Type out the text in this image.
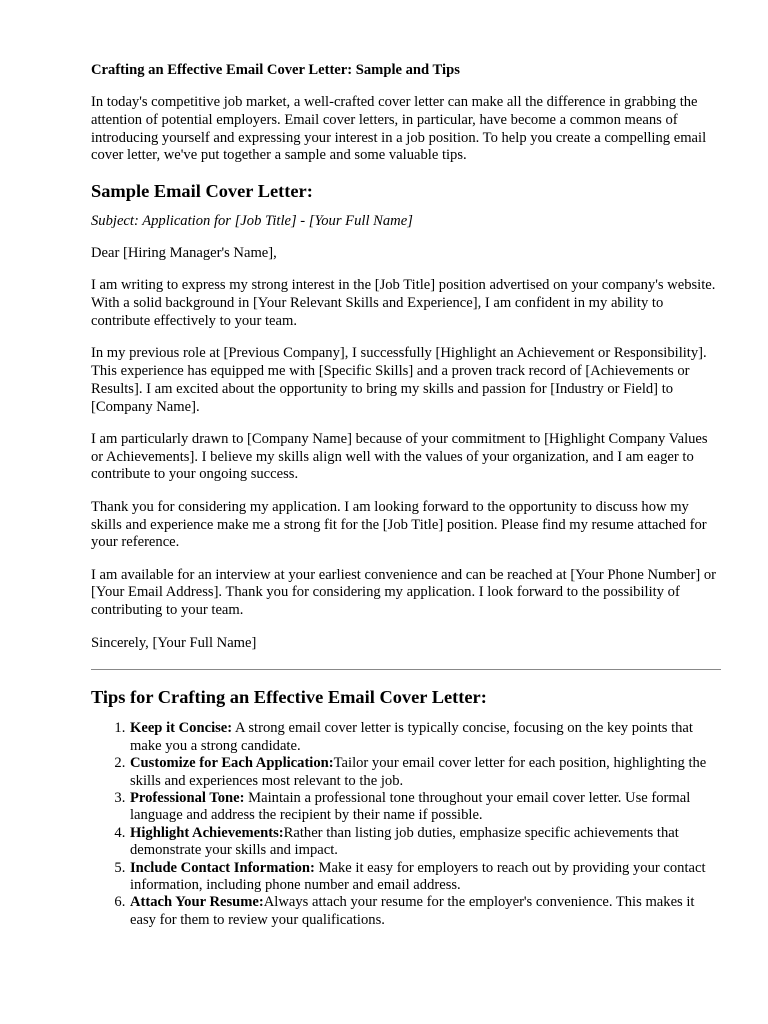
Crafting an Effective Email Cover Letter: Sample and Tips

In today's competitive job market, a well-crafted cover letter can make all the difference in grabbing the attention of potential employers. Email cover letters, in particular, have become a common means of introducing yourself and expressing your interest in a job position. To help you create a compelling email cover letter, we've put together a sample and some valuable tips.

Sample Email Cover Letter:

Subject: Application for [Job Title] - [Your Full Name]

Dear [Hiring Manager's Name],

I am writing to express my strong interest in the [Job Title] position advertised on your company's website. With a solid background in [Your Relevant Skills and Experience], I am confident in my ability to contribute effectively to your team.

In my previous role at [Previous Company], I successfully [Highlight an Achievement or Responsibility]. This experience has equipped me with [Specific Skills] and a proven track record of [Achievements or Results]. I am excited about the opportunity to bring my skills and passion for [Industry or Field] to [Company Name].

I am particularly drawn to [Company Name] because of your commitment to [Highlight Company Values or Achievements]. I believe my skills align well with the values of your organization, and I am eager to contribute to your ongoing success.

Thank you for considering my application. I am looking forward to the opportunity to discuss how my skills and experience make me a strong fit for the [Job Title] position. Please find my resume attached for your reference.

I am available for an interview at your earliest convenience and can be reached at [Your Phone Number] or [Your Email Address]. Thank you for considering my application. I look forward to the possibility of contributing to your team.

Sincerely, [Your Full Name]

Tips for Crafting an Effective Email Cover Letter:
1. Keep it Concise: A strong email cover letter is typically concise, focusing on the key points that make you a strong candidate.
2. Customize for Each Application:Tailor your email cover letter for each position, highlighting the skills and experiences most relevant to the job.
3. Professional Tone: Maintain a professional tone throughout your email cover letter. Use formal language and address the recipient by their name if possible.
4. Highlight Achievements:Rather than listing job duties, emphasize specific achievements that demonstrate your skills and impact.
5. Include Contact Information: Make it easy for employers to reach out by providing your contact information, including phone number and email address.
6. Attach Your Resume:Always attach your resume for the employer's convenience. This makes it easy for them to review your qualifications.
